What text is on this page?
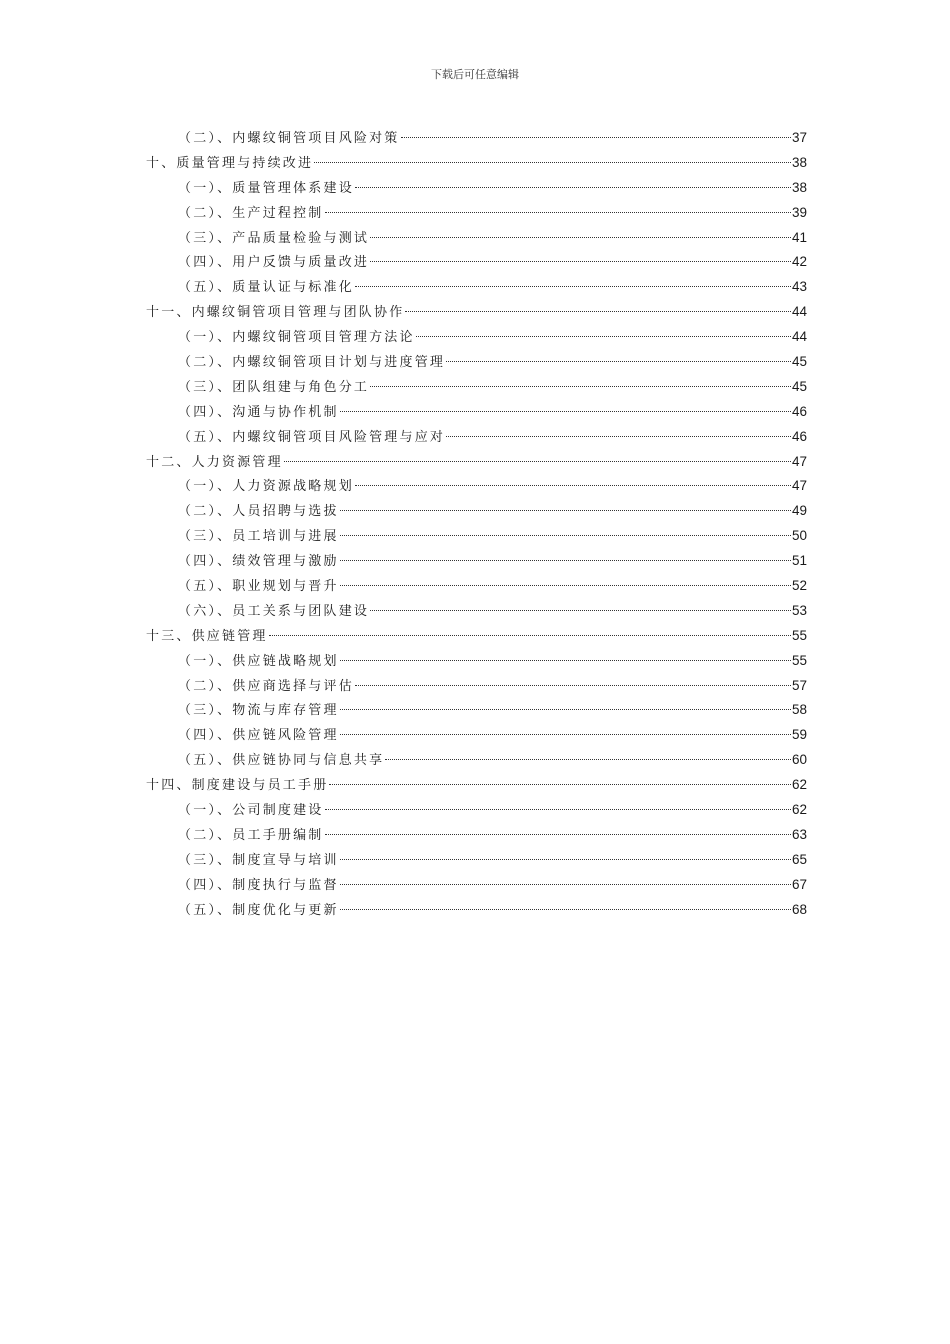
下载后可任意编辑
（二）、内螺纹铜管项目风险对策	37
十、质量管理与持续改进	38
（一）、质量管理体系建设	38
（二）、生产过程控制	39
（三）、产品质量检验与测试	41
（四）、用户反馈与质量改进	42
（五）、质量认证与标准化	43
十一、内螺纹铜管项目管理与团队协作	44
（一）、内螺纹铜管项目管理方法论	44
（二）、内螺纹铜管项目计划与进度管理	45
（三）、团队组建与角色分工	45
（四）、沟通与协作机制	46
（五）、内螺纹铜管项目风险管理与应对	46
十二、人力资源管理	47
（一）、人力资源战略规划	47
（二）、人员招聘与选拔	49
（三）、员工培训与进展	50
（四）、绩效管理与激励	51
（五）、职业规划与晋升	52
（六）、员工关系与团队建设	53
十三、供应链管理	55
（一）、供应链战略规划	55
（二）、供应商选择与评估	57
（三）、物流与库存管理	58
（四）、供应链风险管理	59
（五）、供应链协同与信息共享	60
十四、制度建设与员工手册	62
（一）、公司制度建设	62
（二）、员工手册编制	63
（三）、制度宣导与培训	65
（四）、制度执行与监督	67
（五）、制度优化与更新	68
